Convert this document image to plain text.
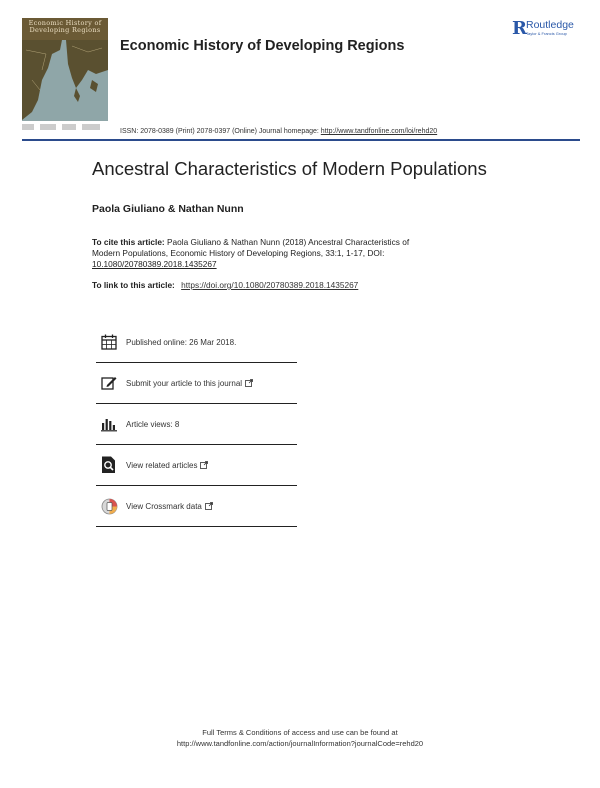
Economic History of Developing Regions
Economic History of Developing Regions
R Routledge
Taylor & Francis Group
ISSN: 2078-0389 (Print) 2078-0397 (Online) Journal homepage: http://www.tandfonline.com/loi/rehd20
Ancestral Characteristics of Modern Populations
Paola Giuliano & Nathan Nunn
To cite this article: Paola Giuliano & Nathan Nunn (2018) Ancestral Characteristics of Modern Populations, Economic History of Developing Regions, 33:1, 1-17, DOI:
10.1080/20780389.2018.1435267
To link to this article: https://doi.org/10.1080/20780389.2018.1435267
Published online: 26 Mar 2018.
Submit your article to this journal
Article views: 8
View related articles
View Crossmark data
Full Terms & Conditions of access and use can be found at
http://www.tandfonline.com/action/journalInformation?journalCode=rehd20
